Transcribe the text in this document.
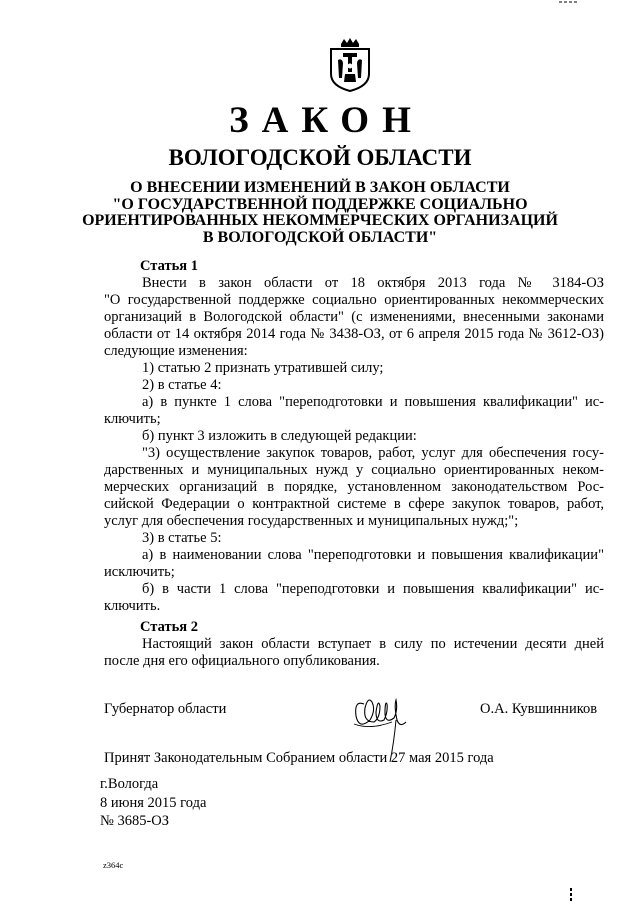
ЗАКОН
ВОЛОГОДСКОЙ ОБЛАСТИ
О ВНЕСЕНИИ ИЗМЕНЕНИЙ В ЗАКОН ОБЛАСТИ
"О ГОСУДАРСТВЕННОЙ ПОДДЕРЖКЕ СОЦИАЛЬНО
ОРИЕНТИРОВАННЫХ НЕКОММЕРЧЕСКИХ ОРГАНИЗАЦИЙ
В ВОЛОГОДСКОЙ ОБЛАСТИ"
Статья 1
Внести в закон области от 18 октября 2013 года № 3184-ОЗ
"О государственной поддержке социально ориентированных некоммерческих
организаций в Вологодской области" (с изменениями, внесенными законами
области от 14 октября 2014 года № 3438-ОЗ, от 6 апреля 2015 года № 3612-ОЗ)
следующие изменения:
1) статью 2 признать утратившей силу;
2) в статье 4:
а) в пункте 1 слова "переподготовки и повышения квалификации" ис-
ключить;
б) пункт 3 изложить в следующей редакции:
"3) осуществление закупок товаров, работ, услуг для обеспечения госу-
дарственных и муниципальных нужд у социально ориентированных неком-
мерческих организаций в порядке, установленном законодательством Рос-
сийской Федерации о контрактной системе в сфере закупок товаров, работ,
услуг для обеспечения государственных и муниципальных нужд;";
3) в статье 5:
а) в наименовании слова "переподготовки и повышения квалификации"
исключить;
б) в части 1 слова "переподготовки и повышения квалификации" ис-
ключить.
Статья 2
Настоящий закон области вступает в силу по истечении десяти дней
после дня его официального опубликования.
Губернатор области	О.А. Кувшинников
Принят Законодательным Собранием области 27 мая 2015 года
г.Вологда
8 июня 2015 года
№ 3685-ОЗ
z364c
